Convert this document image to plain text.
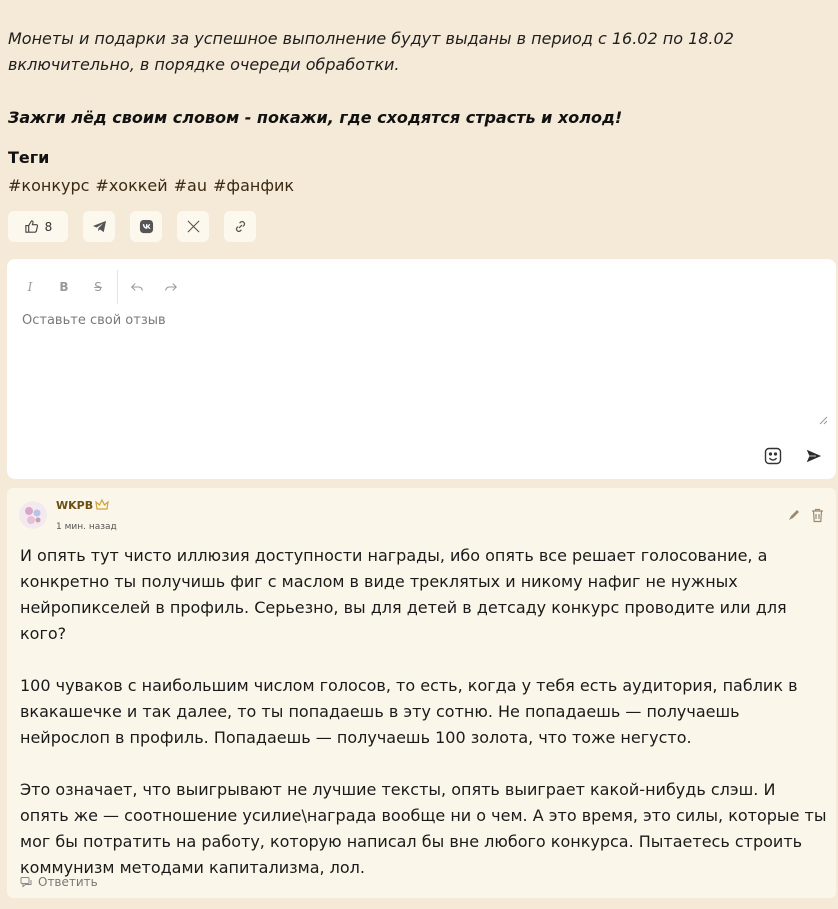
Монеты и подарки за успешное выполнение будут выданы в период с 16.02 по 18.02 включительно, в порядке очереди обработки.
Зажги лёд своим словом - покажи, где сходятся страсть и холод!
Теги
#конкурс #хоккей #au #фанфик
8
I	B	S
Оставьте свой отзыв
WKPB
1 мин. назад

И опять тут чисто иллюзия доступности награды, ибо опять все решает голосование, а конкретно ты получишь фиг с маслом в виде треклятых и никому нафиг не нужных нейропикселей в профиль. Серьезно, вы для детей в детсаду конкурс проводите или для кого?

100 чуваков с наибольшим числом голосов, то есть, когда у тебя есть аудитория, паблик в вкакашечке и так далее, то ты попадаешь в эту сотню. Не попадаешь — получаешь нейрослоп в профиль. Попадаешь — получаешь 100 золота, что тоже негусто.

Это означает, что выигрывают не лучшие тексты, опять выиграет какой-нибудь слэш. И опять же — соотношение усилие\награда вообще ни о чем. А это время, это силы, которые ты мог бы потратить на работу, которую написал бы вне любого конкурса. Пытаетесь строить коммунизм методами капитализма, лол.

Ответить
